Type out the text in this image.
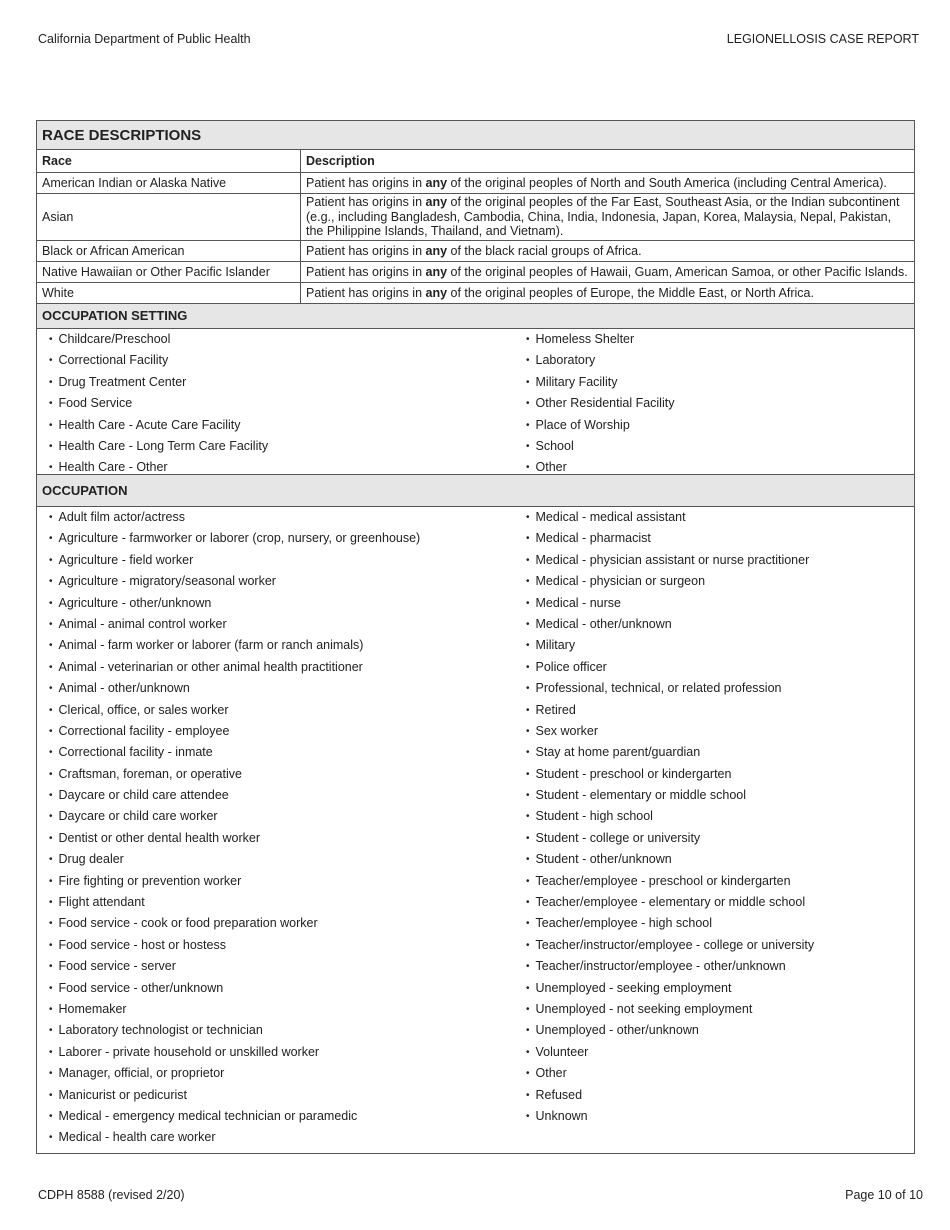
California Department of Public Health	LEGIONELLOSIS CASE REPORT
RACE DESCRIPTIONS
Race	Description
American Indian or Alaska Native	Patient has origins in any of the original peoples of North and South America (including Central America).
Asian	Patient has origins in any of the original peoples of the Far East, Southeast Asia, or the Indian subcontinent (e.g., including Bangladesh, Cambodia, China, India, Indonesia, Japan, Korea, Malaysia, Nepal, Pakistan, the Philippine Islands, Thailand, and Vietnam).
Black or African American	Patient has origins in any of the black racial groups of Africa.
Native Hawaiian or Other Pacific Islander	Patient has origins in any of the original peoples of Hawaii, Guam, American Samoa, or other Pacific Islands.
White	Patient has origins in any of the original peoples of Europe, the Middle East, or North Africa.
OCCUPATION SETTING
• Childcare/Preschool
• Correctional Facility
• Drug Treatment Center
• Food Service
• Health Care - Acute Care Facility
• Health Care - Long Term Care Facility
• Health Care - Other
• Homeless Shelter
• Laboratory
• Military Facility
• Other Residential Facility
• Place of Worship
• School
• Other
OCCUPATION
• Adult film actor/actress
• Agriculture - farmworker or laborer (crop, nursery, or greenhouse)
• Agriculture - field worker
• Agriculture - migratory/seasonal worker
• Agriculture - other/unknown
• Animal - animal control worker
• Animal - farm worker or laborer (farm or ranch animals)
• Animal - veterinarian or other animal health practitioner
• Animal - other/unknown
• Clerical, office, or sales worker
• Correctional facility - employee
• Correctional facility - inmate
• Craftsman, foreman, or operative
• Daycare or child care attendee
• Daycare or child care worker
• Dentist or other dental health worker
• Drug dealer
• Fire fighting or prevention worker
• Flight attendant
• Food service - cook or food preparation worker
• Food service - host or hostess
• Food service - server
• Food service - other/unknown
• Homemaker
• Laboratory technologist or technician
• Laborer - private household or unskilled worker
• Manager, official, or proprietor
• Manicurist or pedicurist
• Medical - emergency medical technician or paramedic
• Medical - health care worker
• Medical - medical assistant
• Medical - pharmacist
• Medical - physician assistant or nurse practitioner
• Medical - physician or surgeon
• Medical - nurse
• Medical - other/unknown
• Military
• Police officer
• Professional, technical, or related profession
• Retired
• Sex worker
• Stay at home parent/guardian
• Student - preschool or kindergarten
• Student - elementary or middle school
• Student - high school
• Student - college or university
• Student - other/unknown
• Teacher/employee - preschool or kindergarten
• Teacher/employee - elementary or middle school
• Teacher/employee - high school
• Teacher/instructor/employee - college or university
• Teacher/instructor/employee - other/unknown
• Unemployed - seeking employment
• Unemployed - not seeking employment
• Unemployed - other/unknown
• Volunteer
• Other
• Refused
• Unknown
CDPH 8588 (revised 2/20)	Page 10 of 10
